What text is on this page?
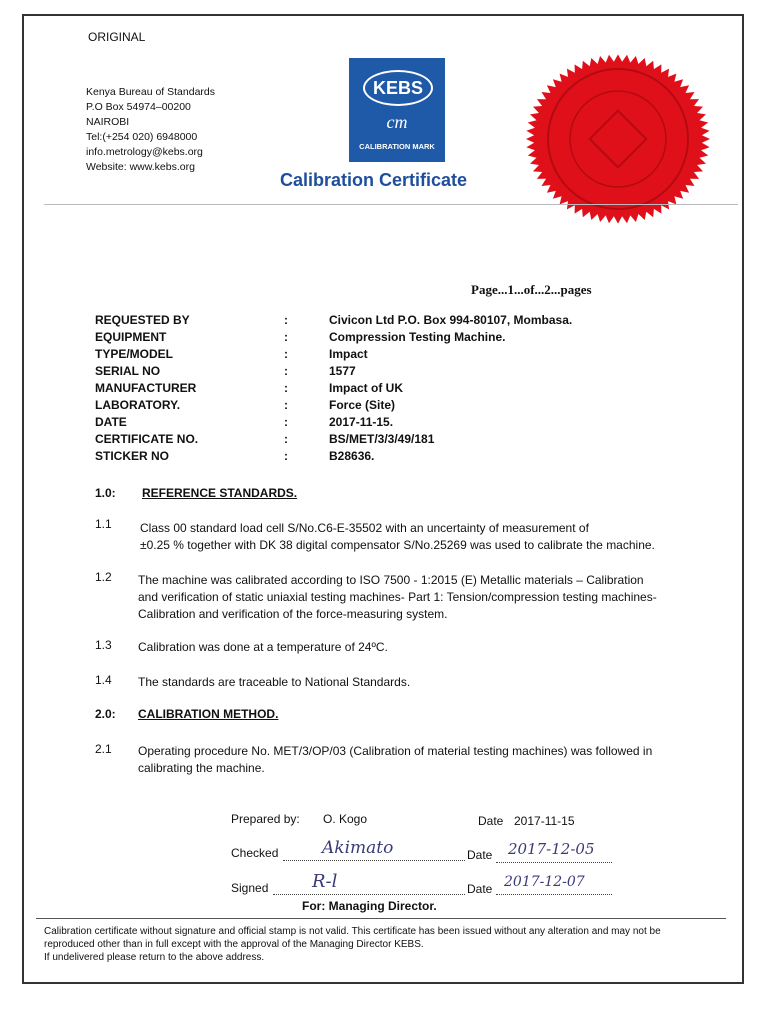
ORIGINAL
Kenya Bureau of Standards
P.O Box 54974–00200
NAIROBI
Tel:(+254 020) 6948000
info.metrology@kebs.org
Website: www.kebs.org
KEBS
cm
CALIBRATION MARK
Calibration Certificate
Page...1...of...2...pages
REQUESTED BY	:	Civicon Ltd P.O. Box 994-80107, Mombasa.
EQUIPMENT	:	Compression Testing Machine.
TYPE/MODEL	:	Impact
SERIAL NO	:	1577
MANUFACTURER	:	Impact of UK
LABORATORY.	:	Force (Site)
DATE	:	2017-11-15.
CERTIFICATE NO.	:	BS/MET/3/3/49/181
STICKER NO	:	B28636.
1.0: REFERENCE STANDARDS.
1.1 Class 00 standard load cell S/No.C6-E-35502 with an uncertainty of measurement of
±0.25 % together with DK 38 digital compensator S/No.25269 was used to calibrate the machine.
1.2 The machine was calibrated according to ISO 7500 - 1:2015 (E) Metallic materials – Calibration
and verification of static uniaxial testing machines- Part 1: Tension/compression testing machines-
Calibration and verification of the force-measuring system.
1.3 Calibration was done at a temperature of 24ºC.
1.4 The standards are traceable to National Standards.
2.0: CALIBRATION METHOD.
2.1 Operating procedure No. MET/3/OP/03 (Calibration of material testing machines) was followed in
calibrating the machine.
Prepared by: O. Kogo	Date 2017-11-15
Checked	Akimato	Date 2017-12-05
Signed R-l	Date 2017-12-07
For: Managing Director.
Calibration certificate without signature and official stamp is not valid. This certificate has been issued without any alteration and may not be
reproduced other than in full except with the approval of the Managing Director KEBS.
If undelivered please return to the above address.
